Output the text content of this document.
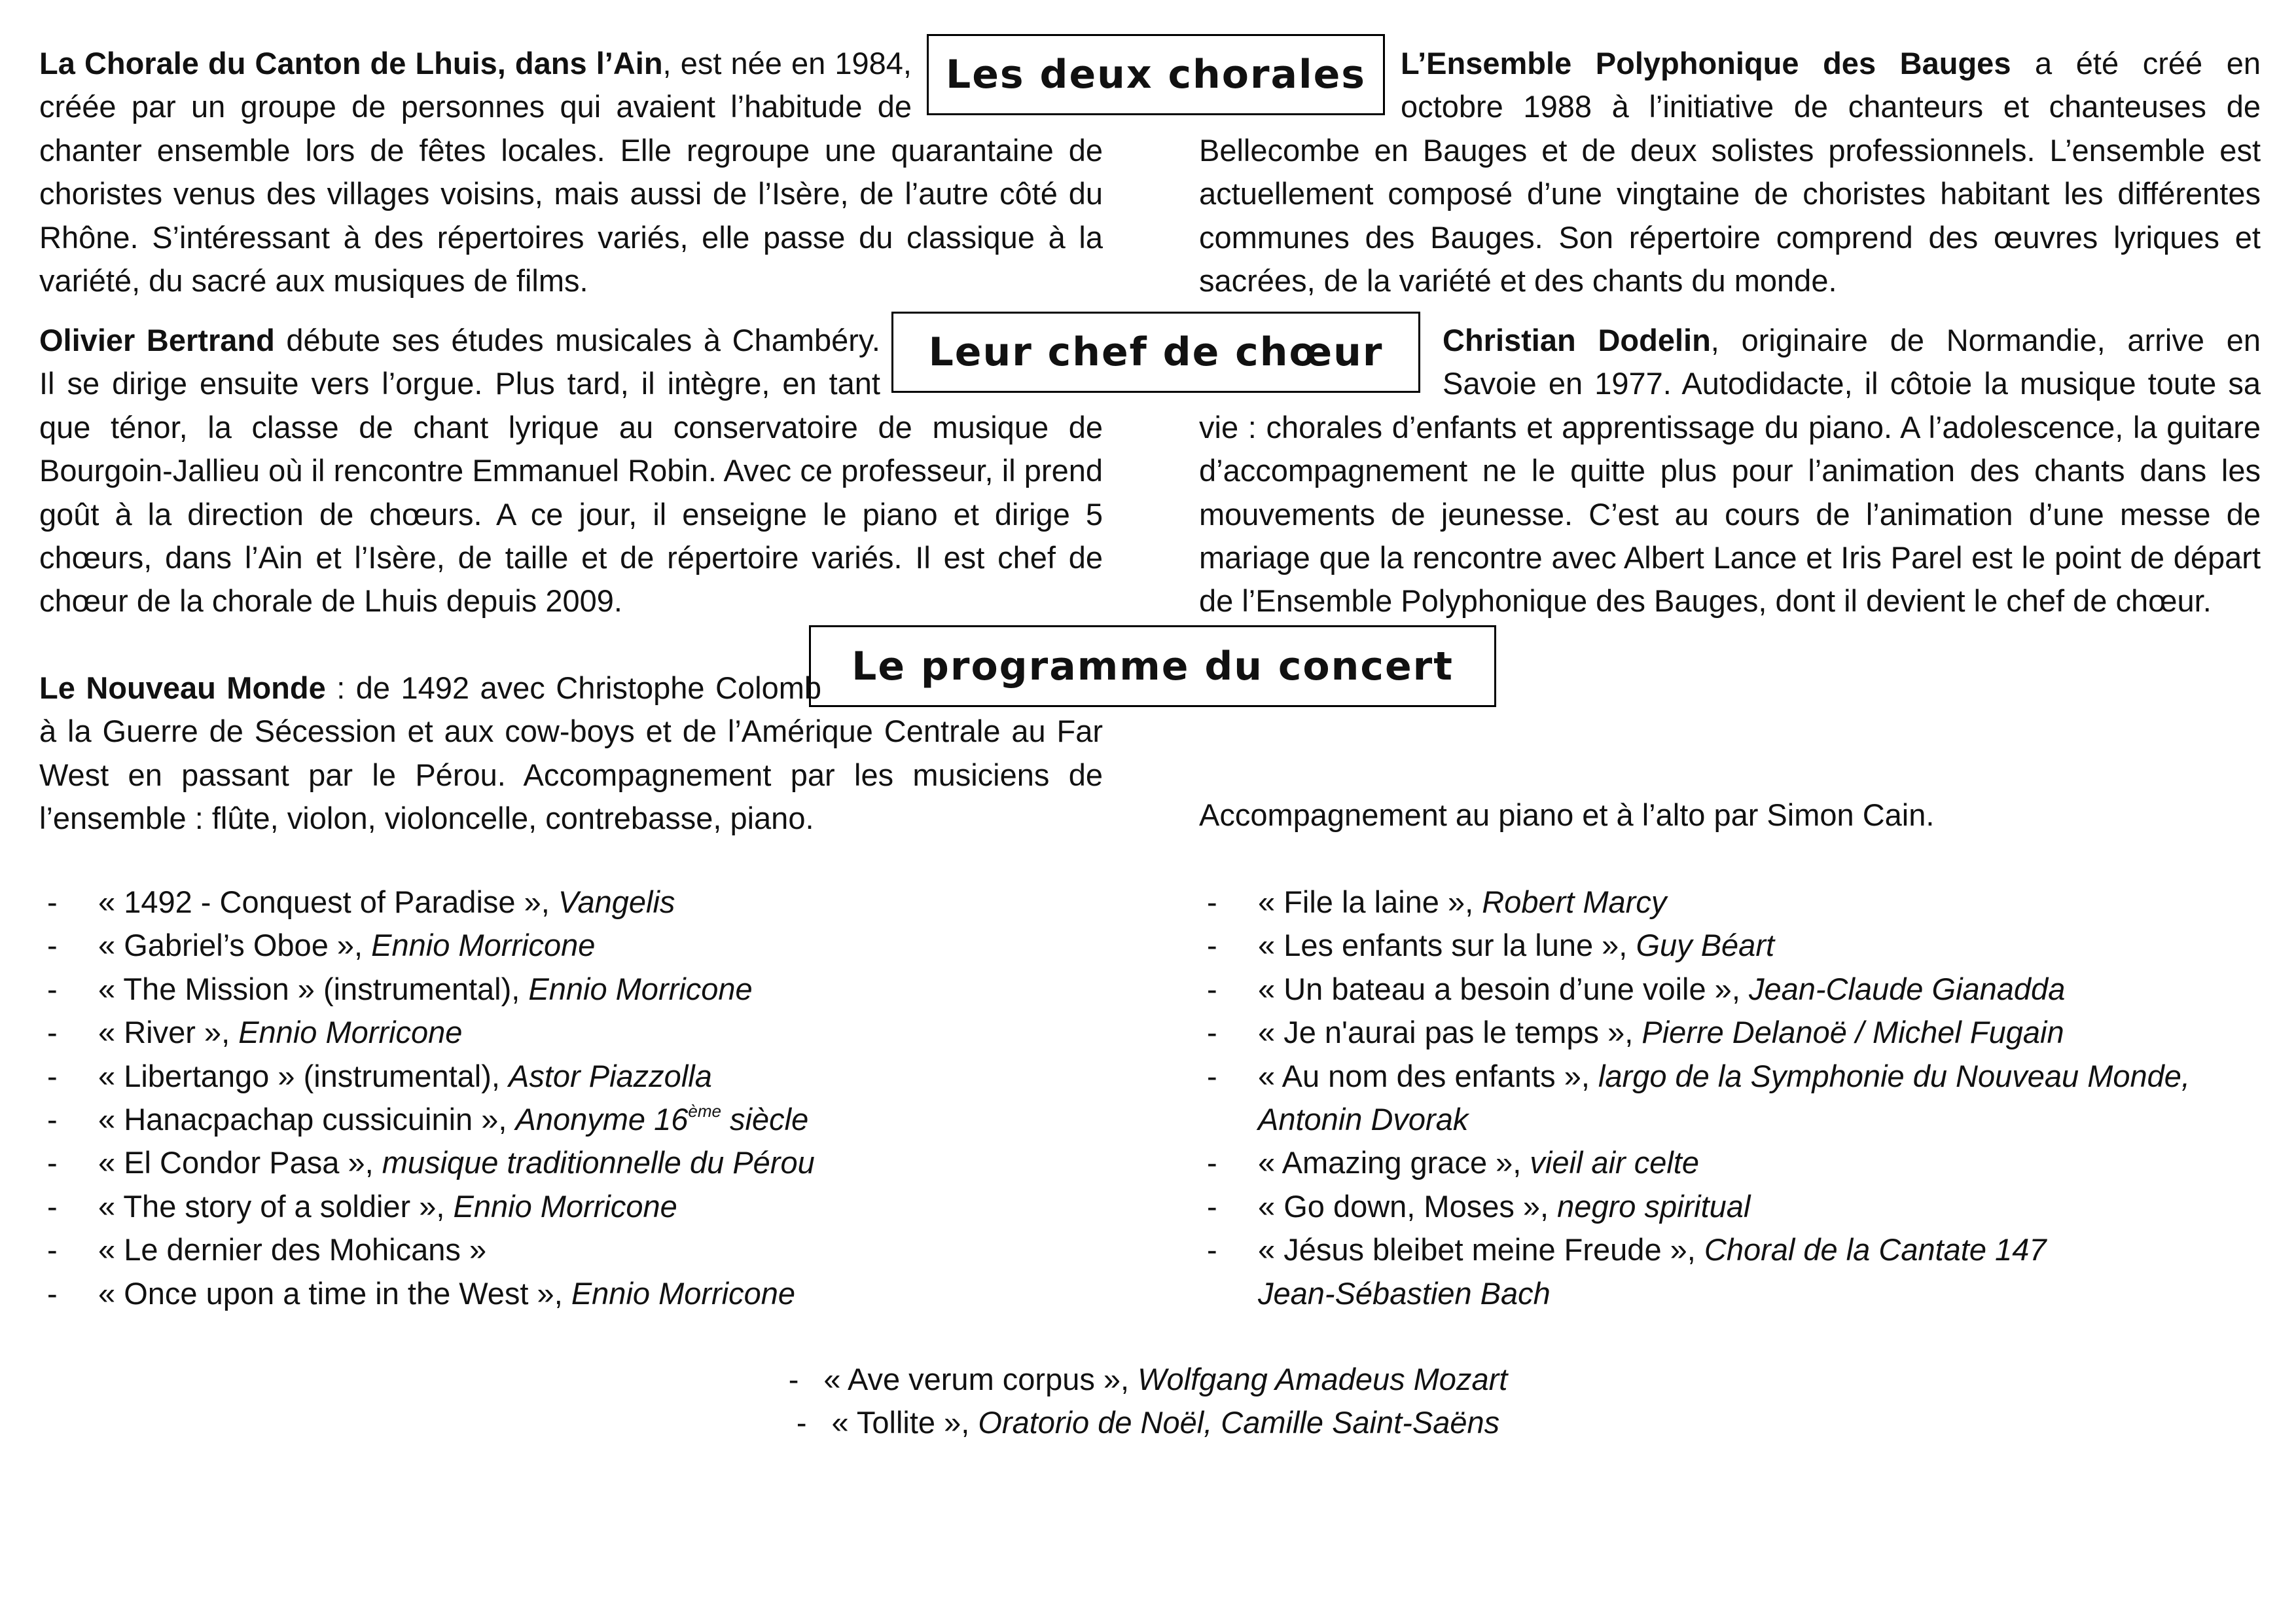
Les deux chorales
Leur chef de chœur
Le programme du concert

La Chorale du Canton de Lhuis, dans l’Ain, est née en 1984, créée par un groupe de personnes qui avaient l’habitude de chanter ensemble lors de fêtes locales. Elle regroupe une quarantaine de choristes venus des villages voisins, mais aussi de l’Isère, de l’autre côté du Rhône. S’intéressant à des répertoires variés, elle passe du classique à la variété, du sacré aux musiques de films.

L’Ensemble Polyphonique des Bauges a été créé en octobre 1988 à l’initiative de chanteurs et chanteuses de Bellecombe en Bauges et de deux solistes professionnels. L’ensemble est actuellement composé d’une vingtaine de choristes habitant les différentes communes des Bauges. Son répertoire comprend des œuvres lyriques et sacrées, de la variété et des chants du monde.

Olivier Bertrand débute ses études musicales à Chambéry. Il se dirige ensuite vers l’orgue. Plus tard, il intègre, en tant que ténor, la classe de chant lyrique au conservatoire de musique de Bourgoin-Jallieu où il rencontre Emmanuel Robin. Avec ce professeur, il prend goût à la direction de chœurs. A ce jour, il enseigne le piano et dirige 5 chœurs, dans l’Ain et l’Isère, de taille et de répertoire variés. Il est chef de chœur de la chorale de Lhuis depuis 2009.

Christian Dodelin, originaire de Normandie, arrive en Savoie en 1977. Autodidacte, il côtoie la musique toute sa vie : chorales d’enfants et apprentissage du piano. A l’adolescence, la guitare d’accompagnement ne le quitte plus pour l’animation des chants dans les mouvements de jeunesse. C’est au cours de l’animation d’une messe de mariage que la rencontre avec Albert Lance et Iris Parel est le point de départ de l’Ensemble Polyphonique des Bauges, dont il devient le chef de chœur.

Le Nouveau Monde : de 1492 avec Christophe Colomb à la Guerre de Sécession et aux cow-boys et de l’Amérique Centrale au Far West en passant par le Pérou. Accompagnement par les musiciens de l’ensemble : flûte, violon, violoncelle, contrebasse, piano.	Accompagnement au piano et à l’alto par Simon Cain.

- « 1492 - Conquest of Paradise », Vangelis
- « Gabriel’s Oboe », Ennio Morricone
- « The Mission » (instrumental), Ennio Morricone
- « River », Ennio Morricone
- « Libertango » (instrumental), Astor Piazzolla
- « Hanacpachap cussicuinin », Anonyme 16ème siècle
- « El Condor Pasa », musique traditionnelle du Pérou
- « The story of a soldier », Ennio Morricone
- « Le dernier des Mohicans »
- « Once upon a time in the West », Ennio Morricone
- « File la laine », Robert Marcy
- « Les enfants sur la lune », Guy Béart
- « Un bateau a besoin d’une voile », Jean-Claude Gianadda
- « Je n'aurai pas le temps », Pierre Delanoë / Michel Fugain
- « Au nom des enfants », largo de la Symphonie du Nouveau Monde,
Antonin Dvorak
- « Amazing grace », vieil air celte
- « Go down, Moses », negro spiritual
- « Jésus bleibet meine Freude », Choral de la Cantate 147
Jean-Sébastien Bach
- « Ave verum corpus », Wolfgang Amadeus Mozart
- « Tollite », Oratorio de Noël, Camille Saint-Saëns
